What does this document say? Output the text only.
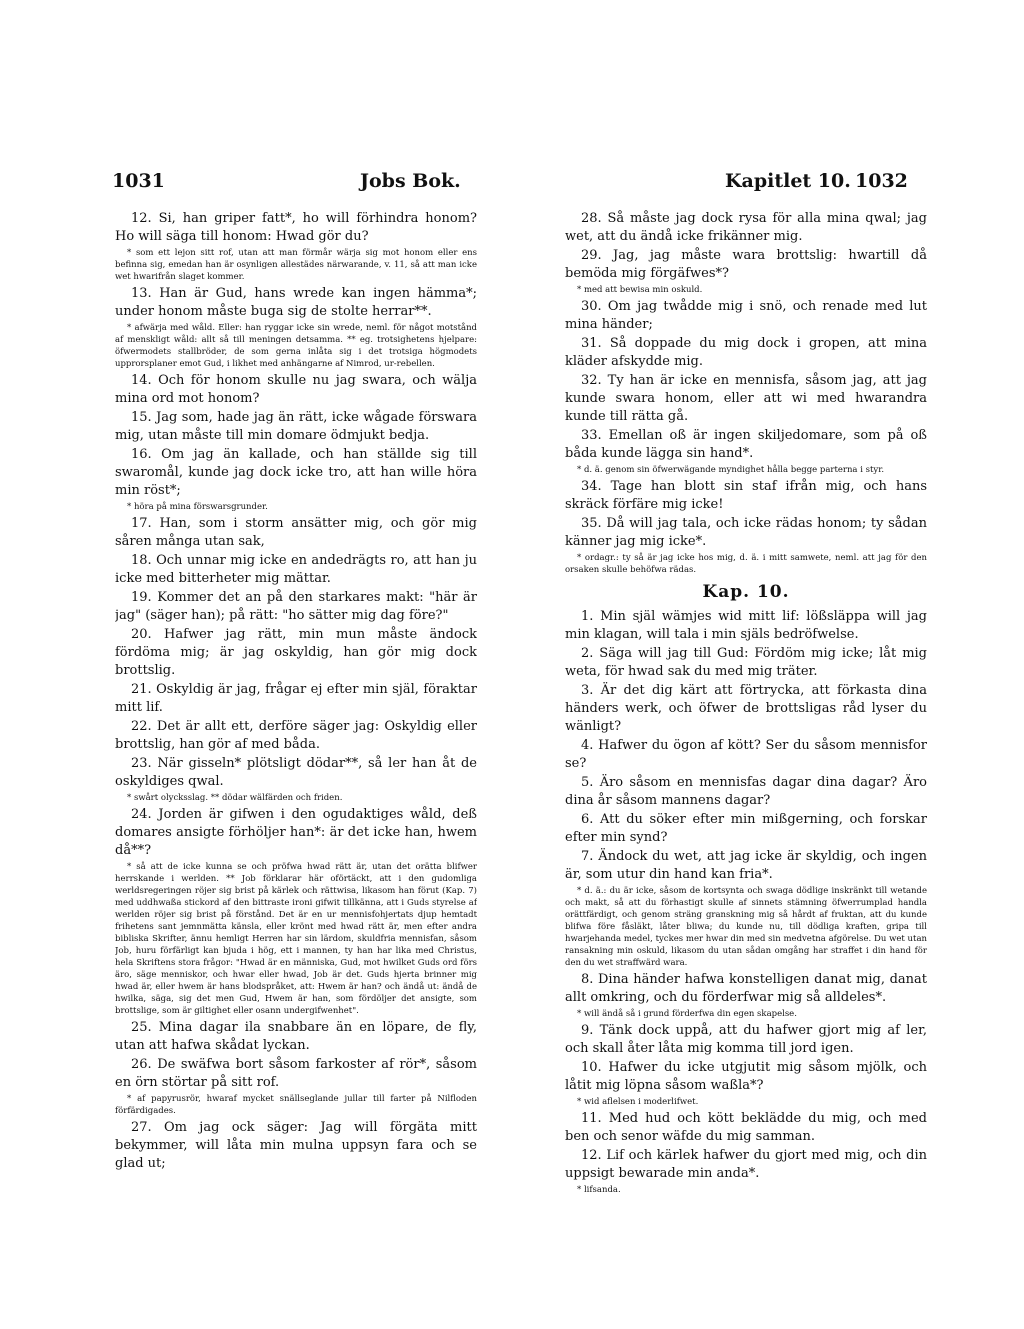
1031	Jobs Bok.	Kapitlet 10. 1032

12. Si, han griper fatt*, ho will förhindra honom? Ho will säga till honom: Hwad gör du?

* som ett lejon sitt rof, utan att man förmår wärja sig mot honom eller ens befinna sig, emedan han är osynligen allestädes närwarande, v. 11, så att man icke wet hwarifrån slaget kommer.

13. Han är Gud, hans wrede kan ingen hämma*; under honom måste buga sig de stolte herrar**.

* afwärja med wåld. Eller: han ryggar icke sin wrede, neml. för något motstånd af menskligt wåld: allt så till meningen detsamma. ** eg. trotsighetens hjelpare: öfwermodets stallbröder, de som gerna inlåta sig i det trotsiga högmodets upprorsplaner emot Gud, i likhet med anhängarne af Nimrod, ur-rebellen.

14. Och för honom skulle nu jag swara, och wälja mina ord mot honom?

15. Jag som, hade jag än rätt, icke wågade förswara mig, utan måste till min domare ödmjukt bedja.

16. Om jag än kallade, och han ställde sig till swaromål, kunde jag dock icke tro, att han wille höra min röst*;

* höra på mina förswarsgrunder.

17. Han, som i storm ansätter mig, och gör mig såren många utan sak,

18. Och unnar mig icke en andedrägts ro, att han ju icke med bitterheter mig mättar.

19. Kommer det an på den starkares makt: "här är jag" (säger han); på rätt: "ho sätter mig dag före?"

20. Hafwer jag rätt, min mun måste ändock fördöma mig; är jag oskyldig, han gör mig dock brottslig.

21. Oskyldig är jag, frågar ej efter min själ, föraktar mitt lif.

22. Det är allt ett, derföre säger jag: Oskyldig eller brottslig, han gör af med båda.

23. När gisseln* plötsligt dödar**, så ler han åt de oskyldiges qwal.

* swårt olycksslag. ** dödar wälfärden och friden.

24. Jorden är gifwen i den ogudaktiges wåld, deß domares ansigte förhöljer han*: är det icke han, hwem då**?

* så att de icke kunna se och pröfwa hwad rätt är, utan det orätta blifwer herrskande i werlden. ** Job förklarar här oförtäckt, att i den gudomliga werldsregeringen röjer sig brist på kärlek och rättwisa, likasom han förut (Kap. 7) med uddhwaßa stickord af den bittraste ironi gifwit tillkänna, att i Guds styrelse af werlden röjer sig brist på förstånd. Det är en ur mennisfohjertats djup hemtadt frihetens sant jemnmätta känsla, eller krönt med hwad rätt är, men efter andra bibliska Skrifter, ännu hemligt Herren har sin lärdom, skuldfria mennisfan, såsom Job, huru förfärligt kan bjuda i hög, ett i mannen, ty han har lika med Christus, hela Skriftens stora frågor: "Hwad är en människa, Gud, mot hwilket Guds ord förs äro, säge menniskor, och hwar eller hwad, Job är det. Guds hjerta brinner mig hwad är, eller hwem är hans blodspråket, att: Hwem är han? och ändå ut: ändå de hwilka, säga, sig det men Gud, Hwem är han, som fördöljer det ansigte, som brottslige, som är giltighet eller osann undergifwenhet".

25. Mina dagar ila snabbare än en löpare, de fly, utan att hafwa skådat lyckan.

26. De swäfwa bort såsom farkoster af rör*, såsom en örn störtar på sitt rof.

* af papyrusrör, hwaraf mycket snällseglande jullar till farter på Nilfloden förfärdigades.

27. Om jag ock säger: Jag will förgäta mitt bekymmer, will låta min mulna uppsyn fara och se glad ut;

28. Så måste jag dock rysa för alla mina qwal; jag wet, att du ändå icke frikänner mig.

29. Jag, jag måste wara brottslig: hwartill då bemöda mig förgäfwes*?

* med att bewisa min oskuld.

30. Om jag twådde mig i snö, och renade med lut mina händer;

31. Så doppade du mig dock i gropen, att mina kläder afskydde mig.

32. Ty han är icke en mennisfa, såsom jag, att jag kunde swara honom, eller att wi med hwarandra kunde till rätta gå.

33. Emellan oß är ingen skiljedomare, som på oß båda kunde lägga sin hand*.

* d. ä. genom sin öfwerwägande myndighet hålla begge parterna i styr.

34. Tage han blott sin staf ifrån mig, och hans skräck förfäre mig icke!

35. Då will jag tala, och icke rädas honom; ty sådan känner jag mig icke*.

* ordagr.: ty så är jag icke hos mig, d. ä. i mitt samwete, neml. att jag för den orsaken skulle behöfwa rädas.

Kap. 10.

1. Min själ wämjes wid mitt lif: lößsläppa will jag min klagan, will tala i min själs bedröfwelse.

2. Säga will jag till Gud: Fördöm mig icke; låt mig weta, för hwad sak du med mig träter.

3. Är det dig kärt att förtrycka, att förkasta dina händers werk, och öfwer de brottsligas råd lyser du wänligt?

4. Hafwer du ögon af kött? Ser du såsom mennisfor se?

5. Äro såsom en mennisfas dagar dina dagar? Äro dina år såsom mannens dagar?

6. Att du söker efter min mißgerning, och forskar efter min synd?

7. Ändock du wet, att jag icke är skyldig, och ingen är, som utur din hand kan fria*.

* d. ä.: du är icke, såsom de kortsynta och swaga dödlige inskränkt till wetande och makt, så att du förhastigt skulle af sinnets stämning öfwerrumplad handla orättfärdigt, och genom sträng granskning mig så hårdt af fruktan, att du kunde blifwa före fåsläkt, låter bliwa; du kunde nu, till dödliga kraften, gripa till hwarjehanda medel, tyckes mer hwar din med sin medvetna afgörelse. Du wet utan ransakning min oskuld, likasom du utan sådan omgång har straffet i din hand för den du wet straffwärd wara.

8. Dina händer hafwa konstelligen danat mig, danat allt omkring, och du förderfwar mig så alldeles*.

* will ändå så i grund förderfwa din egen skapelse.

9. Tänk dock uppå, att du hafwer gjort mig af ler, och skall åter låta mig komma till jord igen.

10. Hafwer du icke utgjutit mig såsom mjölk, och låtit mig löpna såsom waßla*?

* wid aflelsen i moderlifwet.

11. Med hud och kött beklädde du mig, och med ben och senor wäfde du mig samman.

12. Lif och kärlek hafwer du gjort med mig, och din uppsigt bewarade min anda*.

* lifsanda.
